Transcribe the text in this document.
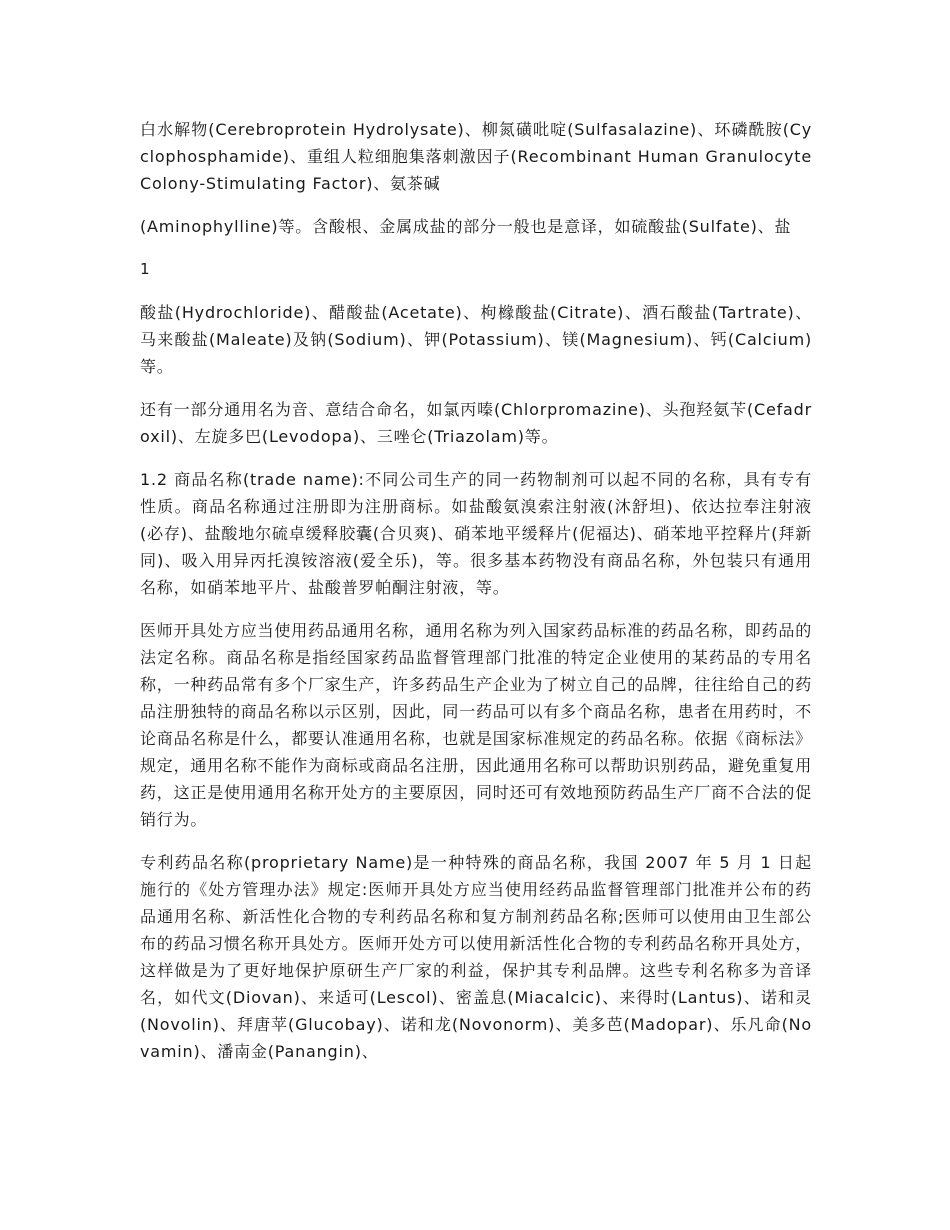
白水解物(Cerebroprotein Hydrolysate)、柳氮磺吡啶(Sulfasalazine)、环磷酰胺(Cyclophosphamide)、重组人粒细胞集落刺激因子(Recombinant Human Granulocyte Colony-Stimulating Factor)、氨茶碱

(Aminophylline)等。含酸根、金属成盐的部分一般也是意译，如硫酸盐(Sulfate)、盐

1

酸盐(Hydrochloride)、醋酸盐(Acetate)、枸橼酸盐(Citrate)、酒石酸盐(Tartrate)、马来酸盐(Maleate)及钠(Sodium)、钾(Potassium)、镁(Magnesium)、钙(Calcium)等。

还有一部分通用名为音、意结合命名，如氯丙嗪(Chlorpromazine)、头孢羟氨苄(Cefadroxil)、左旋多巴(Levodopa)、三唑仑(Triazolam)等。

1.2 商品名称(trade name):不同公司生产的同一药物制剂可以起不同的名称，具有专有性质。商品名称通过注册即为注册商标。如盐酸氨溴索注射液(沐舒坦)、依达拉奉注射液(必存)、盐酸地尔硫卓缓释胶囊(合贝爽)、硝苯地平缓释片(伲福达)、硝苯地平控释片(拜新同)、吸入用异丙托溴铵溶液(爱全乐)，等。很多基本药物没有商品名称，外包装只有通用名称，如硝苯地平片、盐酸普罗帕酮注射液，等。

医师开具处方应当使用药品通用名称，通用名称为列入国家药品标准的药品名称，即药品的法定名称。商品名称是指经国家药品监督管理部门批准的特定企业使用的某药品的专用名称，一种药品常有多个厂家生产，许多药品生产企业为了树立自己的品牌，往往给自己的药品注册独特的商品名称以示区别，因此，同一药品可以有多个商品名称，患者在用药时，不论商品名称是什么，都要认准通用名称，也就是国家标准规定的药品名称。依据《商标法》规定，通用名称不能作为商标或商品名注册，因此通用名称可以帮助识别药品，避免重复用药，这正是使用通用名称开处方的主要原因，同时还可有效地预防药品生产厂商不合法的促销行为。

专利药品名称(proprietary Name)是一种特殊的商品名称，我国 2007 年 5 月 1 日起施行的《处方管理办法》规定:医师开具处方应当使用经药品监督管理部门批准并公布的药品通用名称、新活性化合物的专利药品名称和复方制剂药品名称;医师可以使用由卫生部公布的药品习惯名称开具处方。医师开处方可以使用新活性化合物的专利药品名称开具处方，这样做是为了更好地保护原研生产厂家的利益，保护其专利品牌。这些专利名称多为音译名，如代文(Diovan)、来适可(Lescol)、密盖息(Miacalcic)、来得时(Lantus)、诺和灵(Novolin)、拜唐苹(Glucobay)、诺和龙(Novonorm)、美多芭(Madopar)、乐凡命(Novamin)、潘南金(Panangin)、
